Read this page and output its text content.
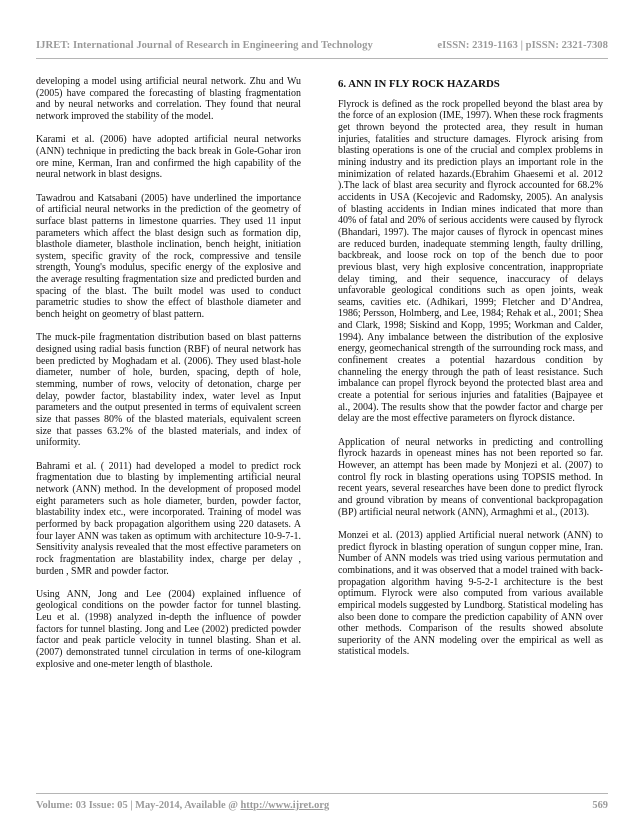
IJRET: International Journal of Research in Engineering and Technology	eISSN: 2319-1163 | pISSN: 2321-7308

developing a model using artificial neural network. Zhu and Wu (2005) have compared the forecasting of blasting fragmentation and by neural networks and correlation. They found that neural network improved the stability of the model.

Karami et al. (2006) have adopted artificial neural networks (ANN) technique in predicting the back break in Gole-Gohar iron ore mine, Kerman, Iran and confirmed the high capability of the neural network in blast designs.

Tawadrou and Katsabani (2005) have underlined the importance of artificial neural networks in the prediction of the geometry of surface blast patterns in limestone quarries. They used 11 input parameters which affect the blast design such as formation dip, blasthole diameter, blasthole inclination, bench height, initiation system, specific gravity of the rock, compressive and tensile strength, Young's modulus, specific energy of the explosive and the average resulting fragmentation size and predicted burden and spacing of the blast. The built model was used to conduct parametric studies to show the effect of blasthole diameter and bench height on geometry of blast pattern.

The muck-pile fragmentation distribution based on blast patterns designed using radial basis function (RBF) of neural network has been predicted by Moghadam et al. (2006). They used blast-hole diameter, number of hole, burden, spacing, depth of hole, stemming, number of rows, velocity of detonation, charge per delay, powder factor, blastability index, water level as Input parameters and the output presented in terms of equivalent screen size that passes 80% of the blasted materials, equivalent screen size that passes 63.2% of the blasted materials, and index of uniformity.

Bahrami et al. ( 2011) had developed a model to predict rock fragmentation due to blasting by implementing artificial neural network (ANN) method. In the development of proposed model eight parameters such as hole diameter, burden, powder factor, blastability index etc., were incorporated. Training of model was performed by back propagation algorithem using 220 datasets. A four layer ANN was taken as optimum with architecture 10-9-7-1. Sensitivity analysis revealed that the most effective parameters on rock fragmentation are blastability index, charge per delay , burden , SMR and powder factor.

Using ANN, Jong and Lee (2004) explained influence of geological conditions on the powder factor for tunnel blasting. Leu et al. (1998) analyzed in-depth the influence of powder factors for tunnel blasting. Jong and Lee (2002) predicted powder factor and peak particle velocity in tunnel blasting. Shan et al. (2007) demonstrated tunnel circulation in terms of one-kilogram explosive and one-meter length of blasthole.

6. ANN IN FLY ROCK HAZARDS

Flyrock is defined as the rock propelled beyond the blast area by the force of an explosion (IME, 1997). When these rock fragments get thrown beyond the protected area, they result in human injuries, fatalities and structure damages. Flyrock arising from blasting operations is one of the crucial and complex problems in mining industry and its prediction plays an important role in the minimization of related hazards.(Ebrahim Ghaesemi et al. 2012 ).The lack of blast area security and flyrock accounted for 68.2% accidents in USA (Kecojevic and Radomsky, 2005). An analysis of blasting accidents in Indian mines indicated that more than 40% of fatal and 20% of serious accidents were caused by flyrock (Bhandari, 1997). The major causes of flyrock in opencast mines are reduced burden, inadequate stemming length, faulty drilling, backbreak, and loose rock on top of the bench due to poor previous blast, very high explosive concentration, inappropriate delay timing, and their sequence, inaccuracy of delays unfavorable geological conditions such as open joints, weak seams, cavities etc. (Adhikari, 1999; Fletcher and D’Andrea, 1986; Persson, Holmberg, and Lee, 1984; Rehak et al., 2001; Shea and Clark, 1998; Siskind and Kopp, 1995; Workman and Calder, 1994). Any imbalance between the distribution of the explosive energy, geomechanical strength of the surrounding rock mass, and confinement creates a potential hazardous condition by channeling the energy through the path of least resistance. Such imbalance can propel flyrock beyond the protected blast area and create a potential for serious injuries and fatalities (Bajpayee et al., 2004). The results show that the powder factor and charge per delay are the most effective parameters on flyrock distance.

Application of neural networks in predicting and controlling flyrock hazards in openeast mines has not been reported so far. However, an attempt has been made by Monjezi et al. (2007) to control fly rock in blasting operations using TOPSIS method. In recent years, several researches have been done to predict flyrock and ground vibration by means of conventional backpropagation (BP) artificial neural network (ANN), Armaghmi et al., (2013).

Monzei et al. (2013) applied Artificial nueral network (ANN) to predict flyrock in blasting operation of sungun copper mine, Iran. Number of ANN models was tried using various permutation and combinations, and it was observed that a model trained with back-propagation algorithm having 9-5-2-1 architecture is the best optimum. Flyrock were also computed from various available empirical models suggested by Lundborg. Statistical modeling has also been done to compare the prediction capability of ANN over other methods. Comparison of the results showed absolute superiority of the ANN modeling over the empirical as well as statistical models.

Volume: 03 Issue: 05 | May-2014, Available @ http://www.ijret.org	569
